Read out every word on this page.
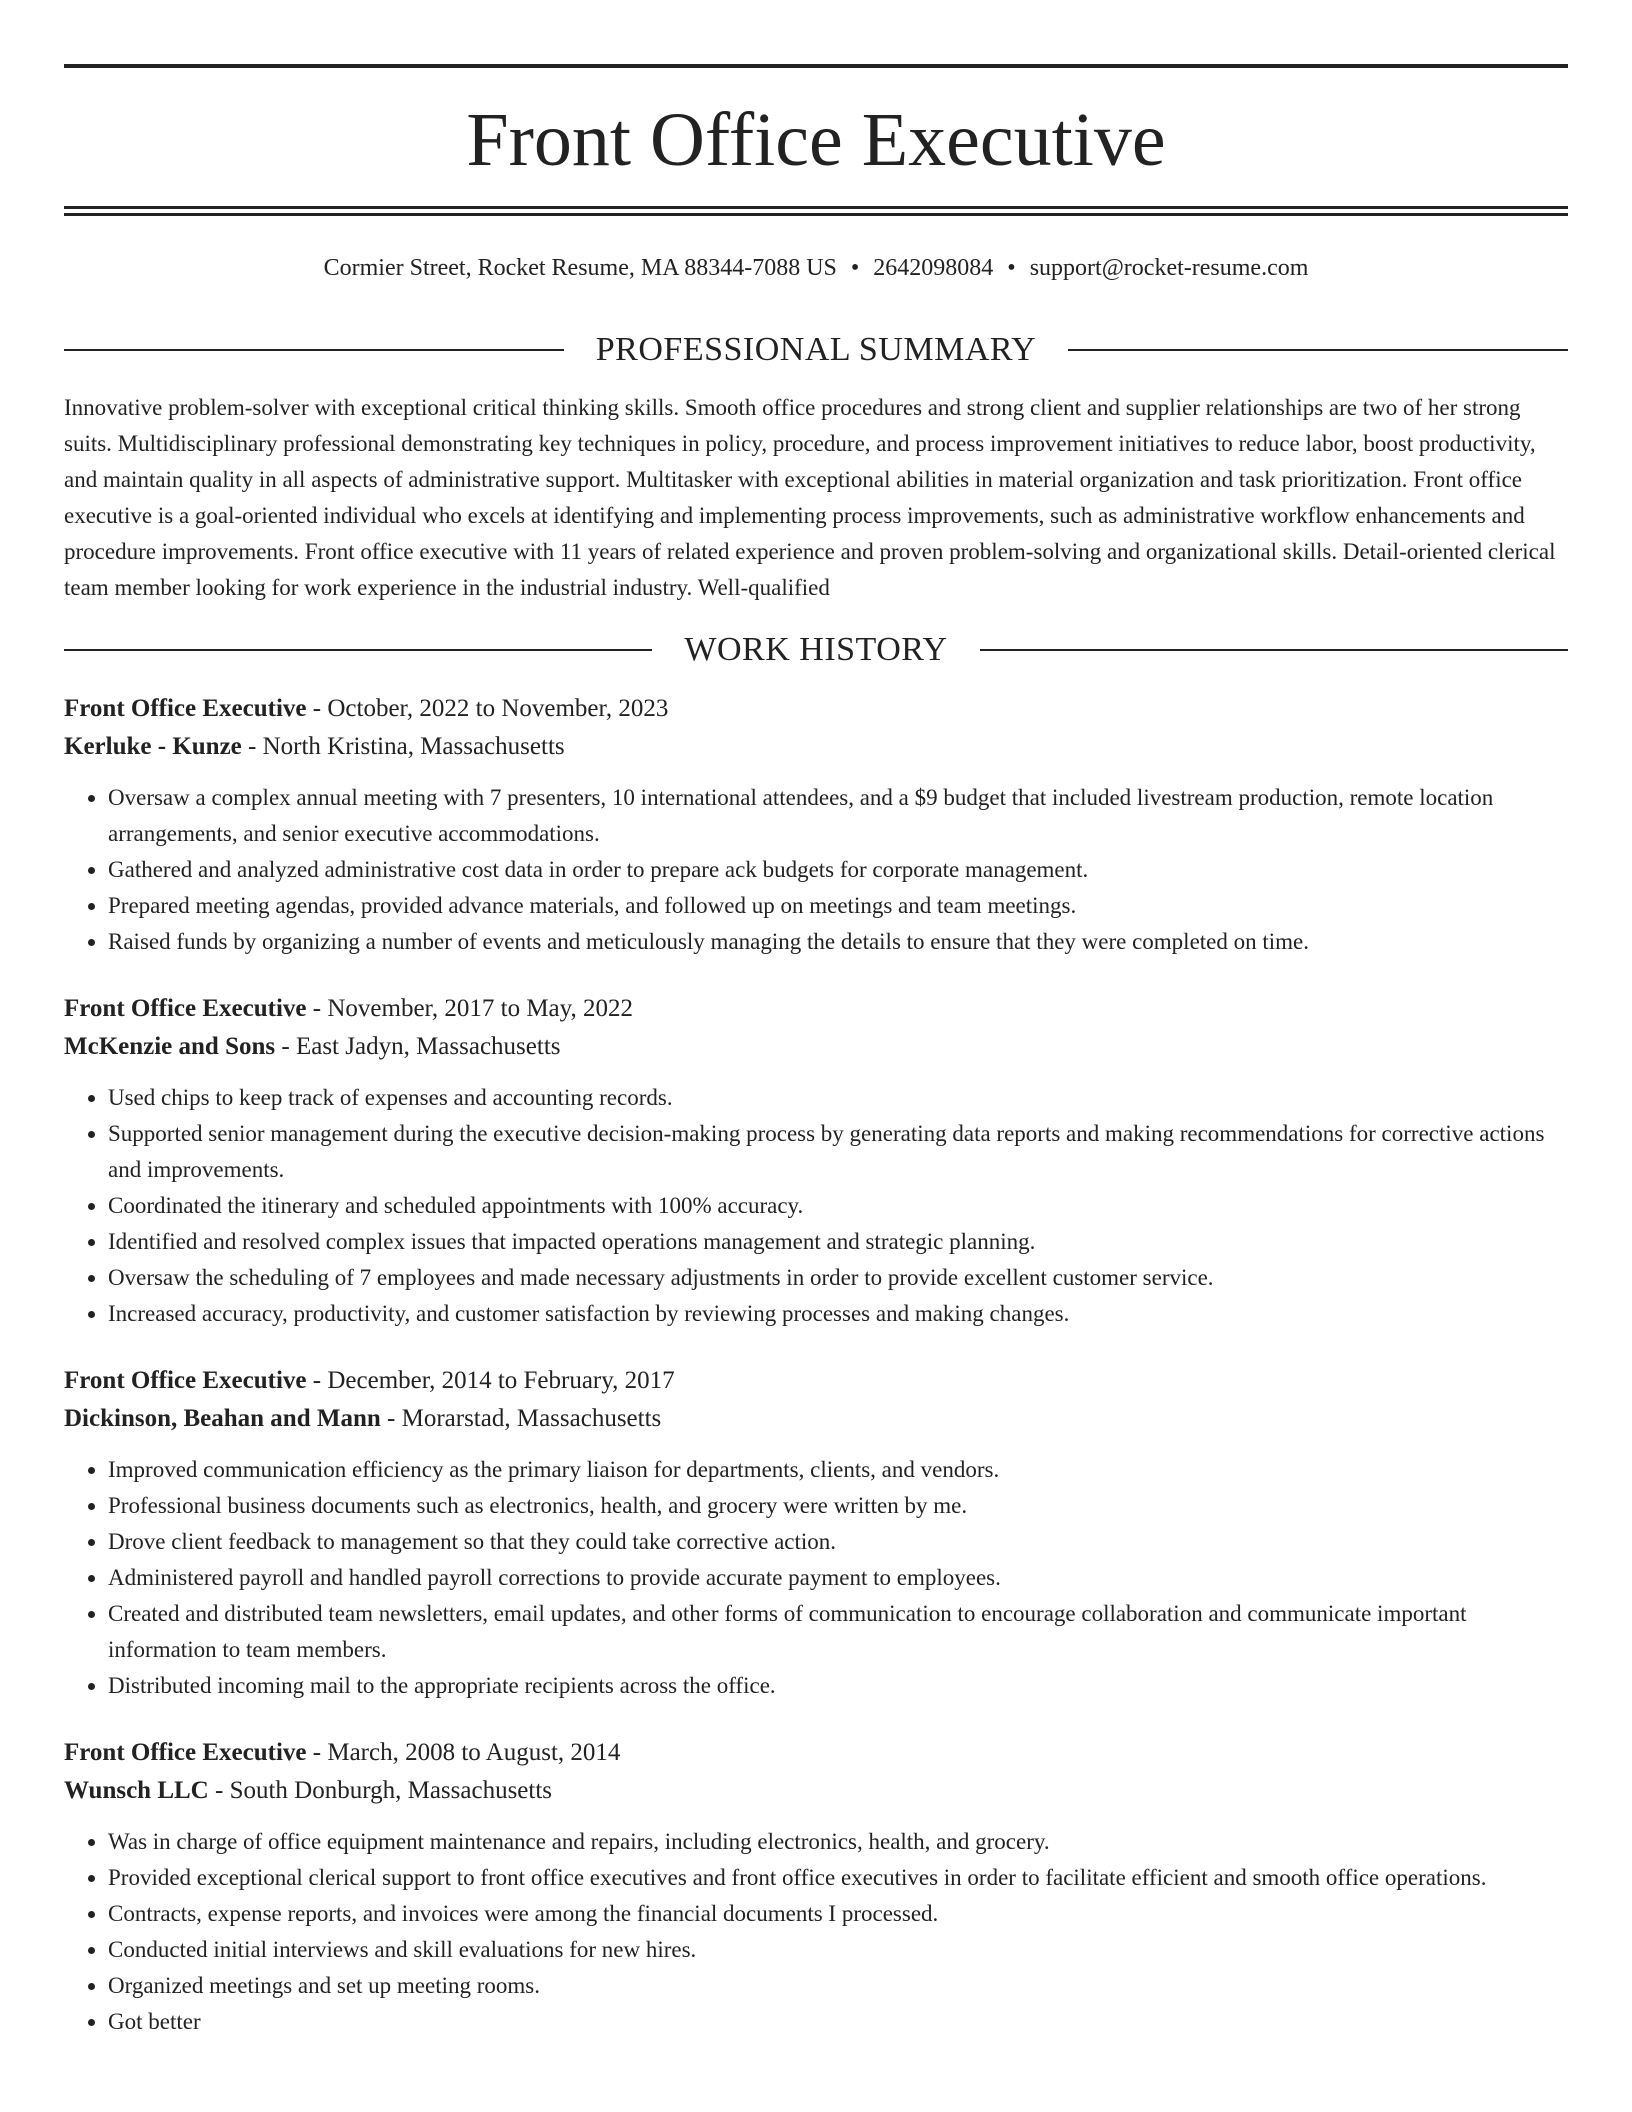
Front Office Executive
Cormier Street, Rocket Resume, MA 88344-7088 US • 2642098084 • support@rocket-resume.com
PROFESSIONAL SUMMARY

Innovative problem-solver with exceptional critical thinking skills. Smooth office procedures and strong client and supplier relationships are two of her strong suits. Multidisciplinary professional demonstrating key techniques in policy, procedure, and process improvement initiatives to reduce labor, boost productivity, and maintain quality in all aspects of administrative support. Multitasker with exceptional abilities in material organization and task prioritization. Front office executive is a goal-oriented individual who excels at identifying and implementing process improvements, such as administrative workflow enhancements and procedure improvements. Front office executive with 11 years of related experience and proven problem-solving and organizational skills. Detail-oriented clerical team member looking for work experience in the industrial industry. Well-qualified

WORK HISTORY
Front Office Executive - October, 2022 to November, 2023
Kerluke - Kunze - North Kristina, Massachusetts
• Oversaw a complex annual meeting with 7 presenters, 10 international attendees, and a $9 budget that included livestream production, remote location arrangements, and senior executive accommodations.
• Gathered and analyzed administrative cost data in order to prepare ack budgets for corporate management.
• Prepared meeting agendas, provided advance materials, and followed up on meetings and team meetings.
• Raised funds by organizing a number of events and meticulously managing the details to ensure that they were completed on time.
Front Office Executive - November, 2017 to May, 2022
McKenzie and Sons - East Jadyn, Massachusetts
• Used chips to keep track of expenses and accounting records.
• Supported senior management during the executive decision-making process by generating data reports and making recommendations for corrective actions and improvements.
• Coordinated the itinerary and scheduled appointments with 100% accuracy.
• Identified and resolved complex issues that impacted operations management and strategic planning.
• Oversaw the scheduling of 7 employees and made necessary adjustments in order to provide excellent customer service.
• Increased accuracy, productivity, and customer satisfaction by reviewing processes and making changes.
Front Office Executive - December, 2014 to February, 2017
Dickinson, Beahan and Mann - Morarstad, Massachusetts
• Improved communication efficiency as the primary liaison for departments, clients, and vendors.
• Professional business documents such as electronics, health, and grocery were written by me.
• Drove client feedback to management so that they could take corrective action.
• Administered payroll and handled payroll corrections to provide accurate payment to employees.
• Created and distributed team newsletters, email updates, and other forms of communication to encourage collaboration and communicate important information to team members.
• Distributed incoming mail to the appropriate recipients across the office.
Front Office Executive - March, 2008 to August, 2014
Wunsch LLC - South Donburgh, Massachusetts
• Was in charge of office equipment maintenance and repairs, including electronics, health, and grocery.
• Provided exceptional clerical support to front office executives and front office executives in order to facilitate efficient and smooth office operations.
• Contracts, expense reports, and invoices were among the financial documents I processed.
• Conducted initial interviews and skill evaluations for new hires.
• Organized meetings and set up meeting rooms.
• Got better
